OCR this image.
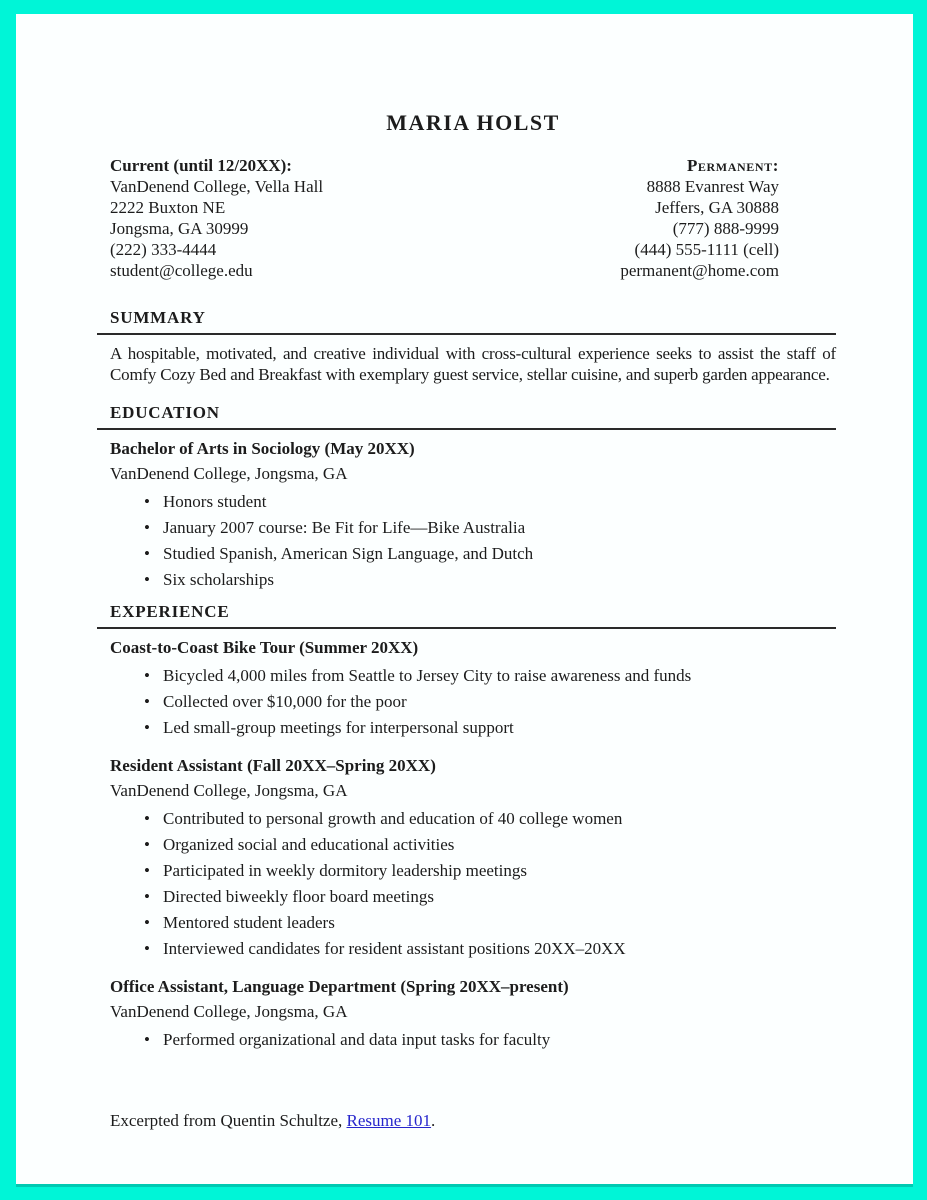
MARIA HOLST
Current (until 12/20XX):
VanDenend College, Vella Hall
2222 Buxton NE
Jongsma, GA 30999
(222) 333-4444
student@college.edu
Permanent:
8888 Evanrest Way
Jeffers, GA 30888
(777) 888-9999
(444) 555-1111 (cell)
permanent@home.com
SUMMARY

A hospitable, motivated, and creative individual with cross-cultural experience seeks to assist the staff of Comfy Cozy Bed and Breakfast with exemplary guest service, stellar cuisine, and superb garden appearance.

EDUCATION
Bachelor of Arts in Sociology (May 20XX)
VanDenend College, Jongsma, GA
• Honors student
• January 2007 course: Be Fit for Life—Bike Australia
• Studied Spanish, American Sign Language, and Dutch
• Six scholarships
EXPERIENCE
Coast-to-Coast Bike Tour (Summer 20XX)
• Bicycled 4,000 miles from Seattle to Jersey City to raise awareness and funds
• Collected over $10,000 for the poor
• Led small-group meetings for interpersonal support
Resident Assistant (Fall 20XX–Spring 20XX)
VanDenend College, Jongsma, GA
• Contributed to personal growth and education of 40 college women
• Organized social and educational activities
• Participated in weekly dormitory leadership meetings
• Directed biweekly floor board meetings
• Mentored student leaders
• Interviewed candidates for resident assistant positions 20XX–20XX
Office Assistant, Language Department (Spring 20XX–present)
VanDenend College, Jongsma, GA
• Performed organizational and data input tasks for faculty
Excerpted from Quentin Schultze, Resume 101.
